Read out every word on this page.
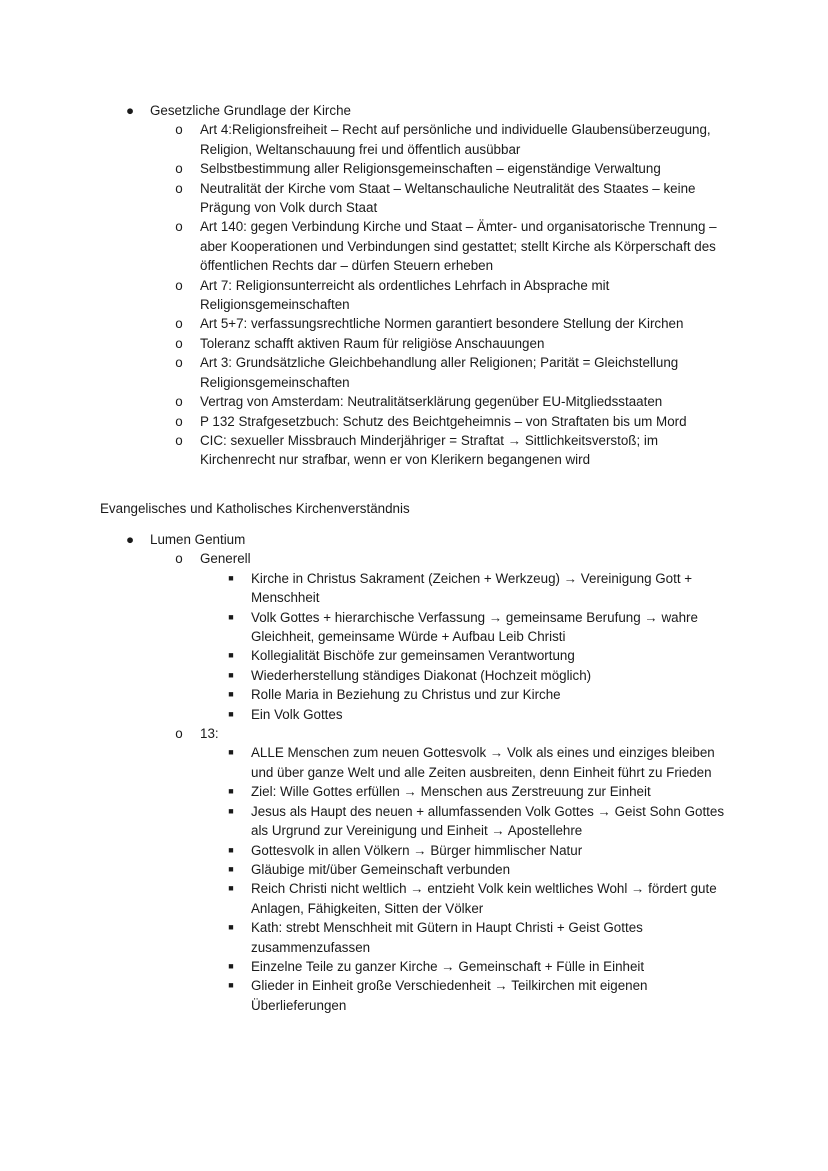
● Gesetzliche Grundlage der Kirche
o Art 4:Religionsfreiheit – Recht auf persönliche und individuelle Glaubensüberzeugung, Religion, Weltanschauung frei und öffentlich ausübbar
o Selbstbestimmung aller Religionsgemeinschaften – eigenständige Verwaltung
o Neutralität der Kirche vom Staat – Weltanschauliche Neutralität des Staates – keine Prägung von Volk durch Staat
o Art 140: gegen Verbindung Kirche und Staat – Ämter- und organisatorische Trennung – aber Kooperationen und Verbindungen sind gestattet; stellt Kirche als Körperschaft des öffentlichen Rechts dar – dürfen Steuern erheben
o Art 7: Religionsunterreicht als ordentliches Lehrfach in Absprache mit Religionsgemeinschaften
o Art 5+7: verfassungsrechtliche Normen garantiert besondere Stellung der Kirchen
o Toleranz schafft aktiven Raum für religiöse Anschauungen
o Art 3: Grundsätzliche Gleichbehandlung aller Religionen; Parität = Gleichstellung Religionsgemeinschaften
o Vertrag von Amsterdam: Neutralitätserklärung gegenüber EU-Mitgliedsstaaten
o P 132 Strafgesetzbuch: Schutz des Beichtgeheimnis – von Straftaten bis um Mord
o CIC: sexueller Missbrauch Minderjähriger = Straftat → Sittlichkeitsverstoß; im Kirchenrecht nur strafbar, wenn er von Klerikern begangenen wird
Evangelisches und Katholisches Kirchenverständnis
● Lumen Gentium
o Generell
■	Kirche in Christus Sakrament (Zeichen + Werkzeug) → Vereinigung Gott + Menschheit
■	Volk Gottes + hierarchische Verfassung → gemeinsame Berufung → wahre Gleichheit, gemeinsame Würde + Aufbau Leib Christi
■	Kollegialität Bischöfe zur gemeinsamen Verantwortung
■	Wiederherstellung ständiges Diakonat (Hochzeit möglich)
■	Rolle Maria in Beziehung zu Christus und zur Kirche
■	Ein Volk Gottes
o 13:
■	ALLE Menschen zum neuen Gottesvolk → Volk als eines und einziges bleiben und über ganze Welt und alle Zeiten ausbreiten, denn Einheit führt zu Frieden
■	Ziel: Wille Gottes erfüllen → Menschen aus Zerstreuung zur Einheit
■	Jesus als Haupt des neuen + allumfassenden Volk Gottes → Geist Sohn Gottes als Urgrund zur Vereinigung und Einheit → Apostellehre
■	Gottesvolk in allen Völkern → Bürger himmlischer Natur
■	Gläubige mit/über Gemeinschaft verbunden
■	Reich Christi nicht weltlich → entzieht Volk kein weltliches Wohl → fördert gute Anlagen, Fähigkeiten, Sitten der Völker
■	Kath: strebt Menschheit mit Gütern in Haupt Christi + Geist Gottes zusammenzufassen
■	Einzelne Teile zu ganzer Kirche → Gemeinschaft + Fülle in Einheit
■	Glieder in Einheit große Verschiedenheit → Teilkirchen mit eigenen Überlieferungen
